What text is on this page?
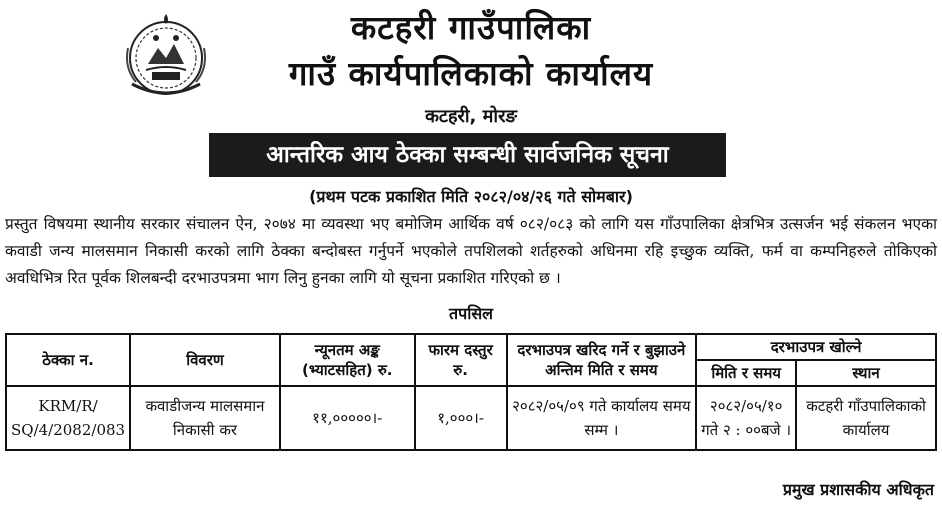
कटहरी गाउँपालिका
गाउँ कार्यपालिकाको कार्यालय
कटहरी, मोरङ
आन्तरिक आय ठेक्का सम्बन्धी सार्वजनिक सूचना
(प्रथम पटक प्रकाशित मिति २०८२/०४/२६ गते सोमबार)
प्रस्तुत विषयमा स्थानीय सरकार संचालन ऐन, २०७४ मा व्यवस्था भए बमोजिम आर्थिक वर्ष ०८२/०८३ को लागि यस गाँउपालिका क्षेत्रभित्र उत्सर्जन भई संकलन भएका कवाडी जन्य मालसमान निकासी करको लागि ठेक्का बन्दोबस्त गर्नुपर्ने भएकोले तपशिलको शर्तहरुको अधिनमा रहि इच्छुक व्यक्ति, फर्म वा कम्पनिहरुले तोकिएको अवधिभित्र रित पूर्वक शिलबन्दी दरभाउपत्रमा भाग लिनु हुनका लागि यो सूचना प्रकाशित गरिएको छ ।
तपसिल
ठेक्का न.	विवरण	न्यूनतम अङ्क (भ्याटसहित) रु.	फारम दस्तुर रु.	दरभाउपत्र खरिद गर्ने र बुझाउने अन्तिम मिति र समय	दरभाउपत्र खोल्ने	
					मिति र समय	स्थान
KRM/R/ SQ/4/2082/083	कवाडीजन्य मालसमान निकासी कर	११,०००००।-	१,०००।-	२०८२/०५/०९ गते कार्यालय समय सम्म ।	२०८२/०५/१० गते २ : ००बजे ।	कटहरी गाँउपालिकाको कार्यालय
प्रमुख प्रशासकीय अधिकृत
